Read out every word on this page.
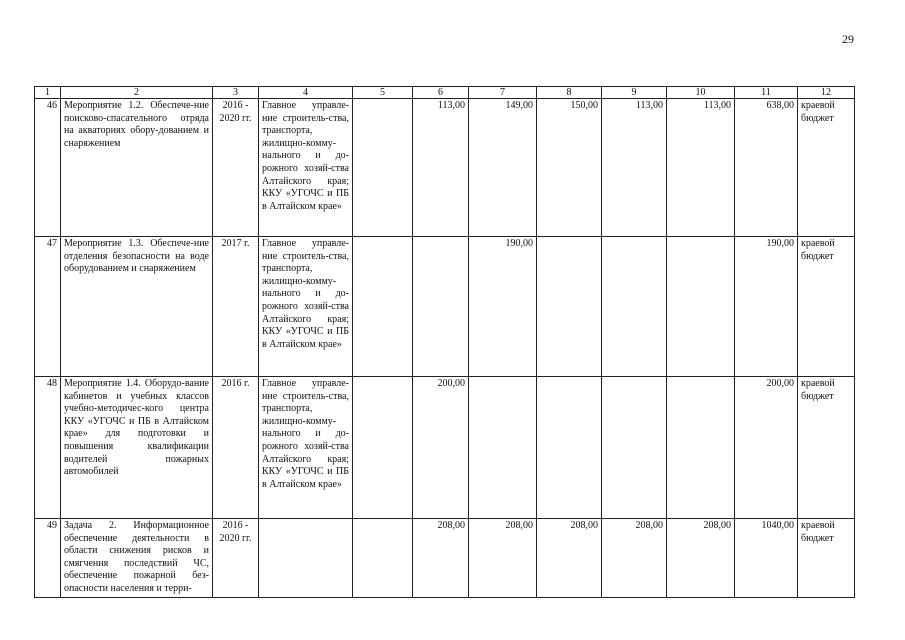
29
1	2	3	4	5	6	7	8	9	10	11	12
46	Мероприятие 1.2. Обеспече-ние поисково-спасательного отряда на акваториях обору-дованием и снаряжением	2016 - 2020 гг.	Главное управле-ние строитель-ства, транспорта, жилищно-комму-нального и до-рожного хозяй-ства Алтайского края; ККУ «УГОЧС и ПБ в Алтайском крае»		113,00	149,00	150,00	113,00	113,00	638,00	краевой бюджет
47	Мероприятие 1.3. Обеспече-ние отделения безопасности на воде оборудованием и снаряжением	2017 г.	Главное управле-ние строитель-ства, транспорта, жилищно-комму-нального и до-рожного хозяй-ства Алтайского края; ККУ «УГОЧС и ПБ в Алтайском крае»			190,00				190,00	краевой бюджет
48	Мероприятие 1.4. Оборудо-вание кабинетов и учебных классов учебно-методичес-кого центра ККУ «УГОЧС и ПБ в Алтайском крае» для подготовки и повышения квалификации водителей пожарных автомобилей	2016 г.	Главное управле-ние строитель-ства, транспорта, жилищно-комму-нального и до-рожного хозяй-ства Алтайского края; ККУ «УГОЧС и ПБ в Алтайском крае»		200,00					200,00	краевой бюджет
49	Задача 2. Информационное обеспечение деятельности в области снижения рисков и смягчения последствий ЧС, обеспечение пожарной без-опасности населения и терри-	2016 - 2020 гг.			208,00	208,00	208,00	208,00	208,00	1040,00	краевой бюджет
